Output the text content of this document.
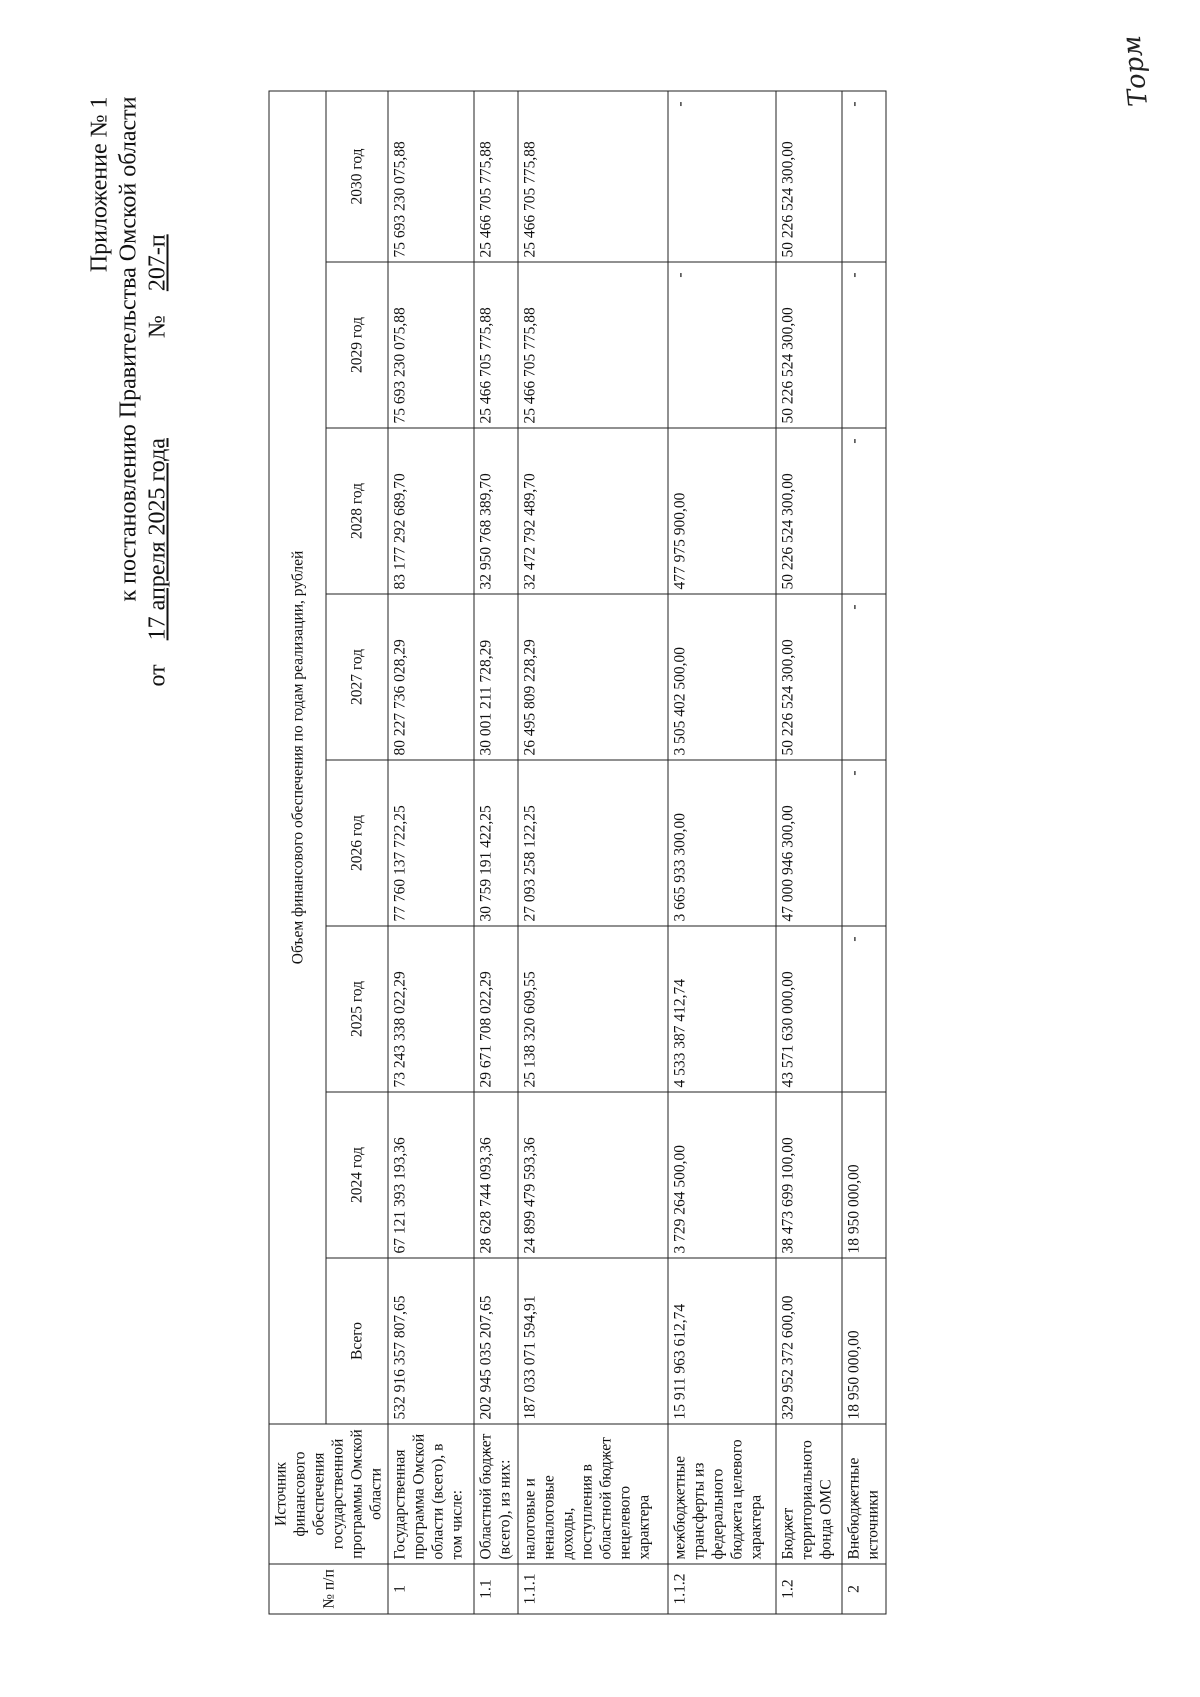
Приложение № 1 к постановлению Правительства Омской области
от 17 апреля 2025 года  № 207-п
Торм
№ п/п	Источник финансового обеспечения государственной программы Омской области	Объем финансового обеспечения по годам реализации, рублей							
		Всего	2024 год	2025 год	2026 год	2027 год	2028 год	2029 год	2030 год
1	Государственная программа Омской области (всего), в том числе:	532 916 357 807,65	67 121 393 193,36	73 243 338 022,29	77 760 137 722,25	80 227 736 028,29	83 177 292 689,70	75 693 230 075,88	75 693 230 075,88
1.1	Областной бюджет (всего), из них:	202 945 035 207,65	28 628 744 093,36	29 671 708 022,29	30 759 191 422,25	30 001 211 728,29	32 950 768 389,70	25 466 705 775,88	25 466 705 775,88
1.1.1	налоговые и неналоговые доходы, поступления в областной бюджет нецелевого характера	187 033 071 594,91	24 899 479 593,36	25 138 320 609,55	27 093 258 122,25	26 495 809 228,29	32 472 792 489,70	25 466 705 775,88	25 466 705 775,88
1.1.2	межбюджетные трансферты из федерального бюджета целевого характера	15 911 963 612,74	3 729 264 500,00	4 533 387 412,74	3 665 933 300,00	3 505 402 500,00	477 975 900,00	-	-
1.2	Бюджет территориального фонда ОМС	329 952 372 600,00	38 473 699 100,00	43 571 630 000,00	47 000 946 300,00	50 226 524 300,00	50 226 524 300,00	50 226 524 300,00	50 226 524 300,00
2	Внебюджетные источники	18 950 000,00	18 950 000,00	-	-	-	-	-	-
